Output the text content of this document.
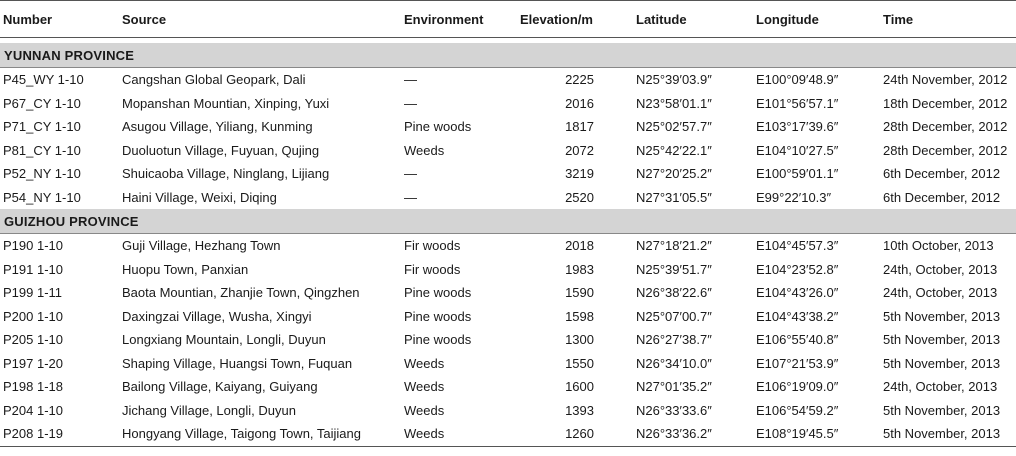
Number	Source	Environment	Elevation/m	Latitude	Longitude	Time

YUNNAN PROVINCE						
P45_WY 1-10	Cangshan Global Geopark, Dali	—	2225	N25°39′03.9″	E100°09′48.9″	24th November, 2012
P67_CY 1-10	Mopanshan Mountian, Xinping, Yuxi	—	2016	N23°58′01.1″	E101°56′57.1″	18th December, 2012
P71_CY 1-10	Asugou Village, Yiliang, Kunming	Pine woods	1817	N25°02′57.7″	E103°17′39.6″	28th December, 2012
P81_CY 1-10	Duoluotun Village, Fuyuan, Qujing	Weeds	2072	N25°42′22.1″	E104°10′27.5″	28th December, 2012
P52_NY 1-10	Shuicaoba Village, Ninglang, Lijiang	—	3219	N27°20′25.2″	E100°59′01.1″	6th December, 2012
P54_NY 1-10	Haini Village, Weixi, Diqing	—	2520	N27°31′05.5″	E99°22′10.3″	6th December, 2012
GUIZHOU PROVINCE						
P190 1-10	Guji Village, Hezhang Town	Fir woods	2018	N27°18′21.2″	E104°45′57.3″	10th October, 2013
P191 1-10	Huopu Town, Panxian	Fir woods	1983	N25°39′51.7″	E104°23′52.8″	24th, October, 2013
P199 1-11	Baota Mountian, Zhanjie Town, Qingzhen	Pine woods	1590	N26°38′22.6″	E104°43′26.0″	24th, October, 2013
P200 1-10	Daxingzai Village, Wusha, Xingyi	Pine woods	1598	N25°07′00.7″	E104°43′38.2″	5th November, 2013
P205 1-10	Longxiang Mountain, Longli, Duyun	Pine woods	1300	N26°27′38.7″	E106°55′40.8″	5th November, 2013
P197 1-20	Shaping Village, Huangsi Town, Fuquan	Weeds	1550	N26°34′10.0″	E107°21′53.9″	5th November, 2013
P198 1-18	Bailong Village, Kaiyang, Guiyang	Weeds	1600	N27°01′35.2″	E106°19′09.0″	24th, October, 2013
P204 1-10	Jichang Village, Longli, Duyun	Weeds	1393	N26°33′33.6″	E106°54′59.2″	5th November, 2013
P208 1-19	Hongyang Village, Taigong Town, Taijiang	Weeds	1260	N26°33′36.2″	E108°19′45.5″	5th November, 2013
